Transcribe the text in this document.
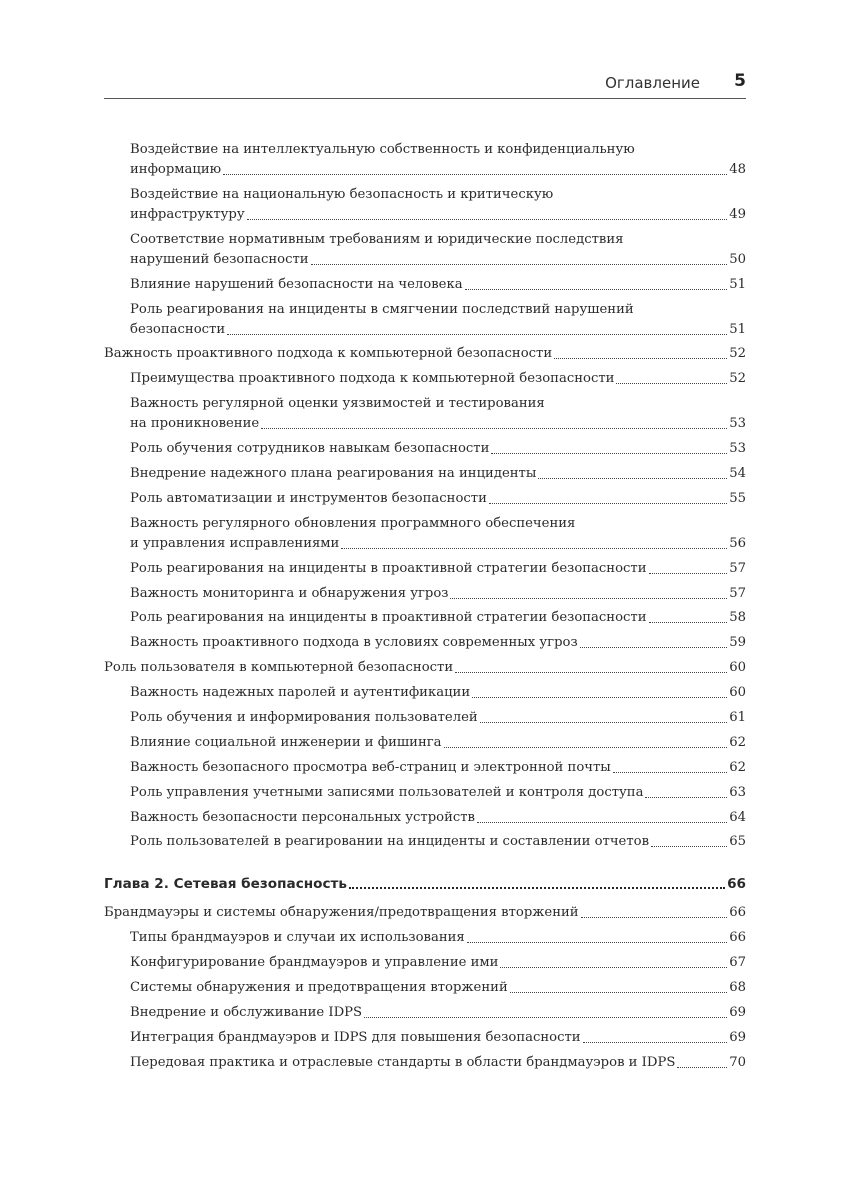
Оглавление 5
Воздействие на интеллектуальную собственность и конфиденциальную
информацию	48
Воздействие на национальную безопасность и критическую
инфраструктуру	49
Соответствие нормативным требованиям и юридические последствия
нарушений безопасности	50
Влияние нарушений безопасности на человека	51
Роль реагирования на инциденты в смягчении последствий нарушений
безопасности	51
Важность проактивного подхода к компьютерной безопасности	52
Преимущества проактивного подхода к компьютерной безопасности	52
Важность регулярной оценки уязвимостей и тестирования
на проникновение	53
Роль обучения сотрудников навыкам безопасности	53
Внедрение надежного плана реагирования на инциденты	54
Роль автоматизации и инструментов безопасности	55
Важность регулярного обновления программного обеспечения
и управления исправлениями	56
Роль реагирования на инциденты в проактивной стратегии безопасности	57
Важность мониторинга и обнаружения угроз	57
Роль реагирования на инциденты в проактивной стратегии безопасности	58
Важность проактивного подхода в условиях современных угроз	59
Роль пользователя в компьютерной безопасности	60
Важность надежных паролей и аутентификации	60
Роль обучения и информирования пользователей	61
Влияние социальной инженерии и фишинга	62
Важность безопасного просмотра веб-страниц и электронной почты	62
Роль управления учетными записями пользователей и контроля доступа	63
Важность безопасности персональных устройств	64
Роль пользователей в реагировании на инциденты и составлении отчетов	65
Глава 2. Сетевая безопасность	66
Брандмауэры и системы обнаружения/предотвращения вторжений	66
Типы брандмауэров и случаи их использования	66
Конфигурирование брандмауэров и управление ими	67
Системы обнаружения и предотвращения вторжений	68
Внедрение и обслуживание IDPS	69
Интеграция брандмауэров и IDPS для повышения безопасности	69
Передовая практика и отраслевые стандарты в области брандмауэров и IDPS	70
